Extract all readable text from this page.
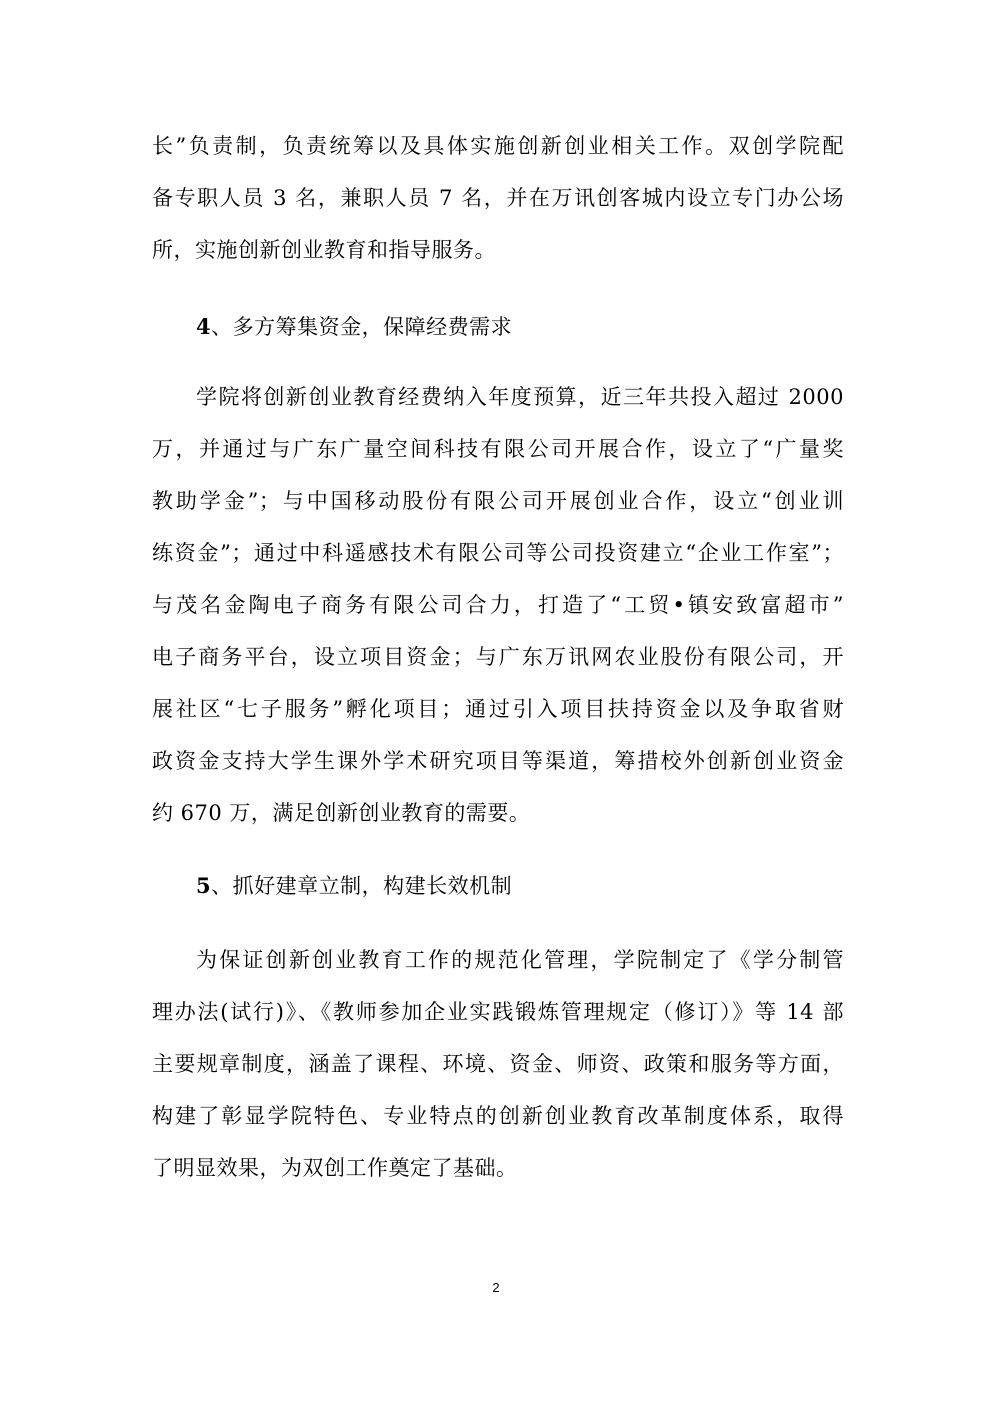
长”负责制，负责统筹以及具体实施创新创业相关工作。双创学院配
备专职人员 3 名，兼职人员 7 名，并在万讯创客城内设立专门办公场
所，实施创新创业教育和指导服务。
4、多方筹集资金，保障经费需求
学院将创新创业教育经费纳入年度预算，近三年共投入超过 2000
万，并通过与广东广量空间科技有限公司开展合作，设立了“广量奖
教助学金”；与中国移动股份有限公司开展创业合作，设立“创业训
练资金”；通过中科遥感技术有限公司等公司投资建立“企业工作室”；
与茂名金陶电子商务有限公司合力，打造了“工贸•镇安致富超市”
电子商务平台，设立项目资金；与广东万讯网农业股份有限公司，开
展社区“七子服务”孵化项目；通过引入项目扶持资金以及争取省财
政资金支持大学生课外学术研究项目等渠道，筹措校外创新创业资金
约 670 万，满足创新创业教育的需要。
5、抓好建章立制，构建长效机制
为保证创新创业教育工作的规范化管理，学院制定了《学分制管
理办法(试行)》、《教师参加企业实践锻炼管理规定（修订）》等 14 部
主要规章制度，涵盖了课程、环境、资金、师资、政策和服务等方面，
构建了彰显学院特色、专业特点的创新创业教育改革制度体系，取得
了明显效果，为双创工作奠定了基础。
2
